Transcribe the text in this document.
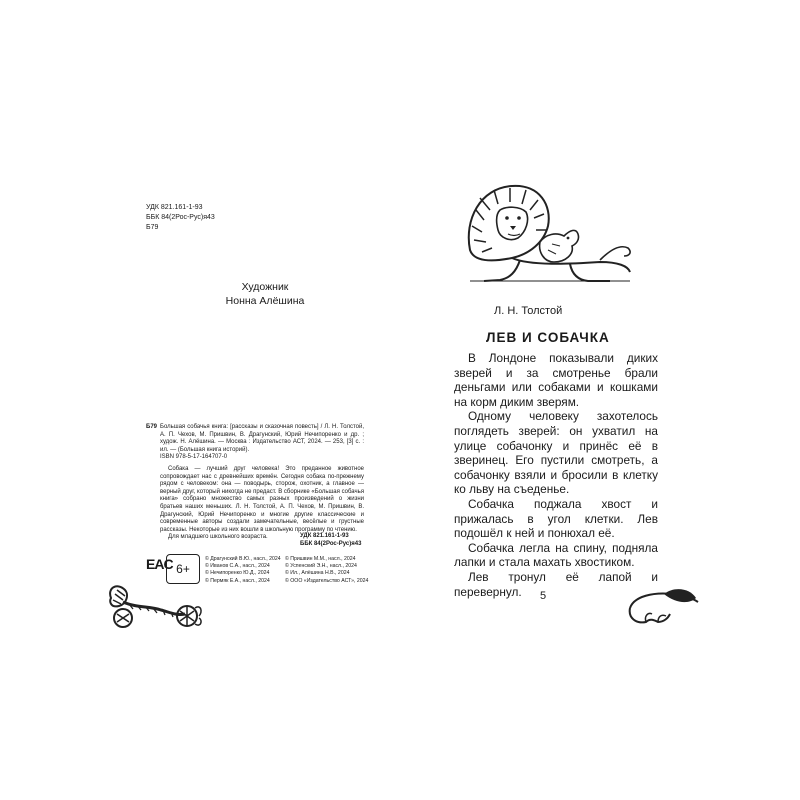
УДК 821.161-1-93
ББК 84(2Рос-Рус)я43
Б79
Художник
Нонна Алёшина
Б79 Большая собачья книга: [рассказы и сказочная повесть] / Л. Н. Толстой, А. П. Чехов, М. Пришвин, В. Драгунский, Юрий Нечипоренко и др. ; худож. Н. Алёшина. — Москва : Издательство АСТ, 2024. — 253, [3] с. : ил. — (Большая книга историй).

ISBN 978-5-17-164707-0

Собака — лучший друг человека! Это преданное животное сопровождает нас с древнейших времён. Сегодня собака по-прежнему рядом с человеком: она — поводырь, сторож, охотник, а главное — верный друг, который никогда не предаст. В сборнике «Большая собачья книга» собрано множество самых разных произведений о жизни братьев наших меньших. Л. Н. Толстой, А. П. Чехов, М. Пришвин, В. Драгунский, Юрий Нечипоренко и многие другие классические и современные авторы создали замечательные, весёлые и грустные рассказы. Некоторые из них вошли в школьную программу по чтению.

Для младшего школьного возраста.	УДК 821.161-1-93
ББК 84(2Рос-Рус)я43
EAC 6+
© Драгунский В.Ю., насл., 2024
© Иванов С.А., насл., 2024
© Нечипоренко Ю.Д., 2024
© Пермяк Е.А., насл., 2024
© Пришвин М.М., насл., 2024
© Успенский Э.Н., насл., 2024
© Ил., Алёшина Н.В., 2024
© ООО «Издательство АСТ», 2024
Л. Н. Толстой
ЛЕВ И СОБАЧКА

В Лондоне показывали диких зверей и за смотренье брали деньгами или собаками и кошками на корм диким зверям.

Одному человеку захотелось поглядеть зверей: он ухватил на улице собачонку и принёс её в зверинец. Его пустили смотреть, а собачонку взяли и бросили в клетку ко льву на съеденье.

Собачка поджала хвост и прижалась в угол клетки. Лев подошёл к ней и понюхал её.

Собачка легла на спину, подняла лапки и стала махать хвостиком.

Лев тронул её лапой и перевернул.	5
